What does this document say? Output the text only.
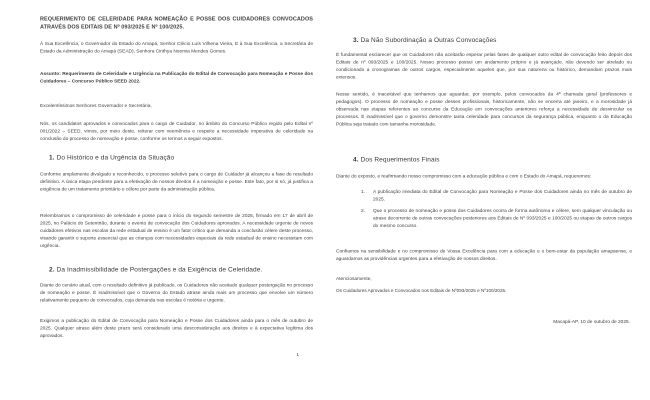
REQUERIMENTO DE CELERIDADE PARA NOMEAÇÃO E POSSE DOS CUIDADORES CONVOCADOS ATRAVÉS DOS EDITAIS DE Nº 093/2025 E Nº 100/2025.

À Sua Excelência, o Governador do Estado do Amapá, Senhor Clécio Luís Vilhena Vieira, E à Sua Excelência, a Secretária de Estado da Administração do Amapá (SEAD), Senhora Cinthya Noemia Mendes Gomes.

Assunto: Requerimento de Celeridade e Urgência na Publicação do Edital de Convocação para Nomeação e Posse dos Cuidadores – Concurso Público SEED 2022.

Excelentíssimos Senhores Governador e Secretária,

Nós, os candidatos aprovados e convocados para o cargo de Cuidador, no âmbito do Concurso Público regido pelo Edital nº 001/2022 – SEED, vimos, por meio deste, reiterar com veemência e respeito a necessidade imperativa de celeridade na conclusão do processo de nomeação e posse, conforme os termos a seguir expostos.

1. Do Histórico e da Urgência da Situação

Conforme amplamente divulgado e reconhecido, o processo seletivo para o cargo de Cuidador já alcançou a fase de resultado definitivo. A única etapa pendente para a efetivação de nossos direitos é a nomeação e posse. Este fato, por si só, já justifica a exigência de um tratamento prioritário e célere por parte da administração pública.

Relembramos o compromisso de celeridade e posse para o início do segundo semestre de 2025, firmado em 17 de abril de 2025, no Palácio do Setentrião, durante o evento de convocação dos Cuidadores aprovados. A necessidade urgente de novos cuidadores efetivos nas escolas da rede estadual de ensino é um fator crítico que demanda a conclusão célere deste processo, visando garantir o suporte essencial que as crianças com necessidades especiais da rede estadual de ensino necessitam com urgência.

2. Da Inadmissibilidade de Postergações e da Exigência de Celeridade.

Diante do cenário atual, com o resultado definitivo já publicado, os Cuidadores não aceitado qualquer postergação no processo de nomeação e posse. É inadmissível que o Governo do Estado atrase ainda mais um processo que envolve um número relativamente pequeno de convocados, cuja demanda nas escolas é notória e urgente.

Exigimos a publicação do Edital de Convocação para Nomeação e Posse dos Cuidadores ainda para o mês de outubro de 2025. Qualquer atraso além deste prazo será considerado uma desconsideração aos direitos e à expectativa legítima dos aprovados.

1
3. Da Não Subordinação a Outras Convocações

É fundamental esclarecer que os Cuidadores não aceitarão esperar pelas fases de qualquer outro edital de convocação feito depois dos Editais de nº 093/2025 e 100/2025. Nosso processo possui um andamento próprio e já avançado, não devendo ser atrelado ou condicionado a cronogramas de outros cargos, especialmente aqueles que, por sua natureza ou histórico, demandam prazos mais extensos.

Nesse sentido, é inaceitável que tenhamos que aguardar, por exemplo, pelos convocados da 4ª chamada geral (professores e pedagogos). O processo de nomeação e posse desses profissionais, historicamente, não se encerra até janeiro, e a morosidade já observada nas etapas referentes ao concurso da Educação em convocações anteriores reforça a necessidade de desvincular os processos. É inadmissível que o governo demonstre tanta celeridade para concursos da segurança pública, enquanto o da Educação Pública seja tratado com tamanha morosidade.

4. Dos Requerimentos Finais

Diante do exposto, e reafirmando nosso compromisso com a educação pública e com o Estado do Amapá, requeremos:

1. A publicação imediata do Edital de Convocação para Nomeação e Posse dos Cuidadores ainda no mês de outubro de 2025.
2. Que o processo de nomeação e posse dos Cuidadores ocorra de forma autônoma e célere, sem qualquer vinculação ou atraso decorrente de outras convocações posteriores aos Editais de Nº 093/2025 e 100/2025 ou etapas de outros cargos do mesmo concurso.

Confiamos na sensibilidade e no compromisso de Vossa Excelência para com a educação e o bem-estar da população amapaense, e aguardamos as providências urgentes para a efetivação de nossos direitos.

Atenciosamente,

Os Cuidadores Aprovados e Convocados nos Editais de Nº093/2025 e Nº100/2025.

Macapá-AP, 10 de outubro de 2025.
